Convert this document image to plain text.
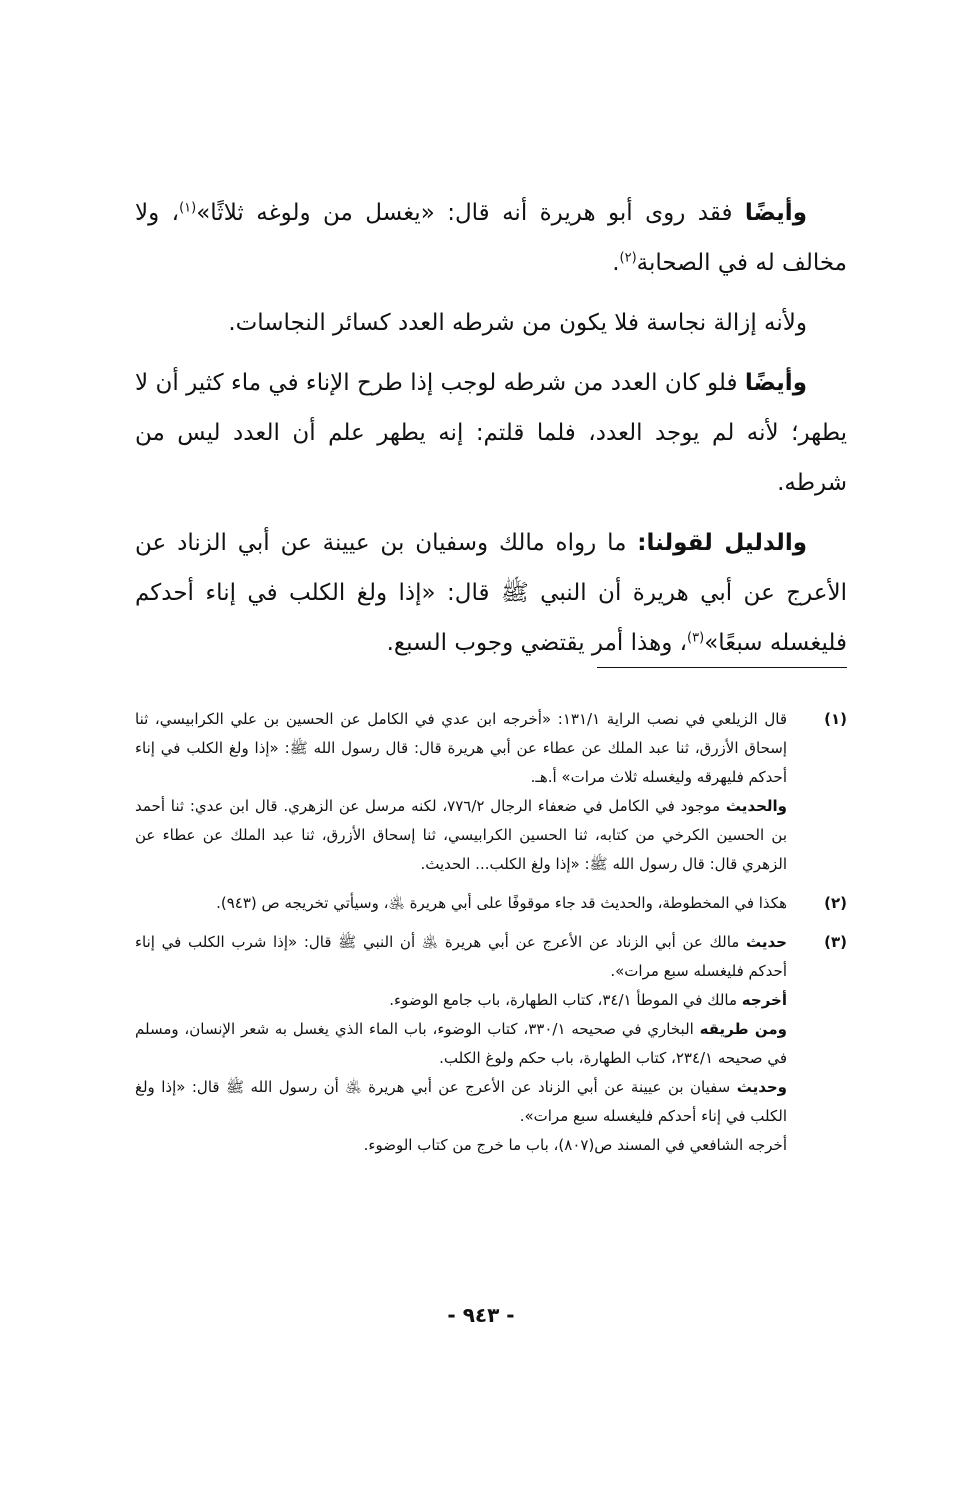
وأيضًا فقد روى أبو هريرة أنه قال: «يغسل من ولوغه ثلاثًا»$^{(١)}$، ولا مخالف له في الصحابة$^{(٢)}$.

ولأنه إزالة نجاسة فلا يكون من شرطه العدد كسائر النجاسات.

وأيضًا فلو كان العدد من شرطه لوجب إذا طرح الإناء في ماء كثير أن لا يطهر؛ لأنه لم يوجد العدد، فلما قلتم: إنه يطهر علم أن العدد ليس من شرطه.

والدليل لقولنا: ما رواه مالك وسفيان بن عيينة عن أبي الزناد عن الأعرج عن أبي هريرة أن النبي ﷺ قال: «إذا ولغ الكلب في إناء أحدكم فليغسله سبعًا»$^{(٣)}$، وهذا أمر يقتضي وجوب السبع.

(١)

قال الزيلعي في نصب الراية ١٣١/١: «أخرجه ابن عدي في الكامل عن الحسين بن علي الكرابيسي، ثنا إسحاق الأزرق، ثنا عبد الملك عن عطاء عن أبي هريرة قال: قال رسول الله ﷺ: «إذا ولغ الكلب في إناء أحدكم فليهرقه وليغسله ثلاث مرات» أ.هـ.

والحديث موجود في الكامل في ضعفاء الرجال ٧٧٦/٢، لكنه مرسل عن الزهري. قال ابن عدي: ثنا أحمد بن الحسين الكرخي من كتابه، ثنا الحسين الكرابيسي، ثنا إسحاق الأزرق، ثنا عبد الملك عن عطاء عن الزهري قال: قال رسول الله ﷺ: «إذا ولغ الكلب... الحديث.

(٢)

هكذا في المخطوطة، والحديث قد جاء موقوفًا على أبي هريرة ﵁، وسيأتي تخريجه ص (٩٤٣).

(٣)

حديث مالك عن أبي الزناد عن الأعرج عن أبي هريرة ﵁ أن النبي ﷺ قال: «إذا شرب الكلب في إناء أحدكم فليغسله سبع مرات».

أخرجه مالك في الموطأ ٣٤/١، كتاب الطهارة، باب جامع الوضوء.

ومن طريقه البخاري في صحيحه ٣٣٠/١، كتاب الوضوء، باب الماء الذي يغسل به شعر الإنسان، ومسلم في صحيحه ٢٣٤/١، كتاب الطهارة، باب حكم ولوغ الكلب.

وحديث سفيان بن عيينة عن أبي الزناد عن الأعرج عن أبي هريرة ﵁ أن رسول الله ﷺ قال: «إذا ولغ الكلب في إناء أحدكم فليغسله سبع مرات».

أخرجه الشافعي في المسند ص(٨٠٧)، باب ما خرج من كتاب الوضوء.

- ٩٤٣ -
